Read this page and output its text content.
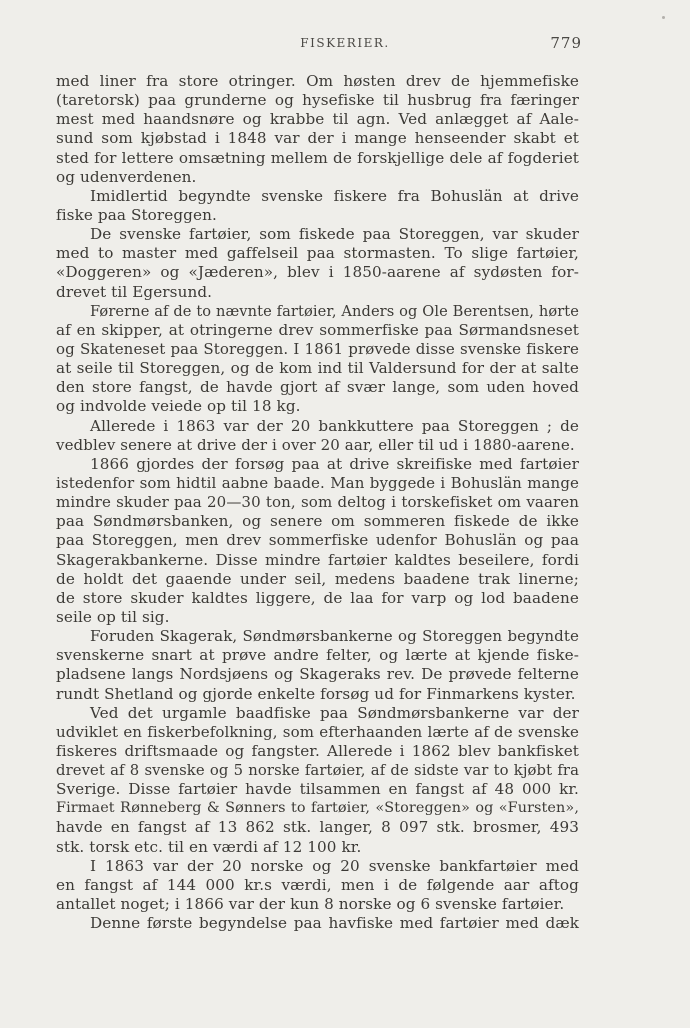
FISKERIER.	779
med liner fra store otringer. Om høsten drev de hjemmefiske
(taretorsk) paa grunderne og hysefiske til husbrug fra færinger
mest med haandsnøre og krabbe til agn. Ved anlægget af Aale-
sund som kjøbstad i 1848 var der i mange henseender skabt et
sted for lettere omsætning mellem de forskjellige dele af fogderiet
og udenverdenen.
Imidlertid begyndte svenske fiskere fra Bohuslän at drive
fiske paa Storeggen.
De svenske fartøier, som fiskede paa Storeggen, var skuder
med to master med gaffelseil paa stormasten. To slige fartøier,
«Doggeren» og «Jæderen», blev i 1850-aarene af sydøsten for-
drevet til Egersund.
Førerne af de to nævnte fartøier, Anders og Ole Berentsen, hørte
af en skipper, at otringerne drev sommerfiske paa Sørmandsneset
og Skateneset paa Storeggen. I 1861 prøvede disse svenske fiskere
at seile til Storeggen, og de kom ind til Valdersund for der at salte
den store fangst, de havde gjort af svær lange, som uden hoved
og indvolde veiede op til 18 kg.
Allerede i 1863 var der 20 bankkuttere paa Storeggen ; de
vedblev senere at drive der i over 20 aar, eller til ud i 1880-aarene.
1866 gjordes der forsøg paa at drive skreifiske med fartøier
istedenfor som hidtil aabne baade. Man byggede i Bohuslän mange
mindre skuder paa 20—30 ton, som deltog i torskefisket om vaaren
paa Søndmørsbanken, og senere om sommeren fiskede de ikke
paa Storeggen, men drev sommerfiske udenfor Bohuslän og paa
Skagerakbankerne. Disse mindre fartøier kaldtes beseilere, fordi
de holdt det gaaende under seil, medens baadene trak linerne;
de store skuder kaldtes liggere, de laa for varp og lod baadene
seile op til sig.
Foruden Skagerak, Søndmørsbankerne og Storeggen begyndte
svenskerne snart at prøve andre felter, og lærte at kjende fiske-
pladsene langs Nordsjøens og Skageraks rev. De prøvede felterne
rundt Shetland og gjorde enkelte forsøg ud for Finmarkens kyster.
Ved det urgamle baadfiske paa Søndmørsbankerne var der
udviklet en fiskerbefolkning, som efterhaanden lærte af de svenske
fiskeres driftsmaade og fangster. Allerede i 1862 blev bankfisket
drevet af 8 svenske og 5 norske fartøier, af de sidste var to kjøbt fra
Sverige. Disse fartøier havde tilsammen en fangst af 48 000 kr.
Firmaet Rønneberg & Sønners to fartøier, «Storeggen» og «Fursten»,
havde en fangst af 13 862 stk. langer, 8 097 stk. brosmer, 493
stk. torsk etc. til en værdi af 12 100 kr.
I 1863 var der 20 norske og 20 svenske bankfartøier med
en fangst af 144 000 kr.s værdi, men i de følgende aar aftog
antallet noget; i 1866 var der kun 8 norske og 6 svenske fartøier.
Denne første begyndelse paa havfiske med fartøier med dæk
